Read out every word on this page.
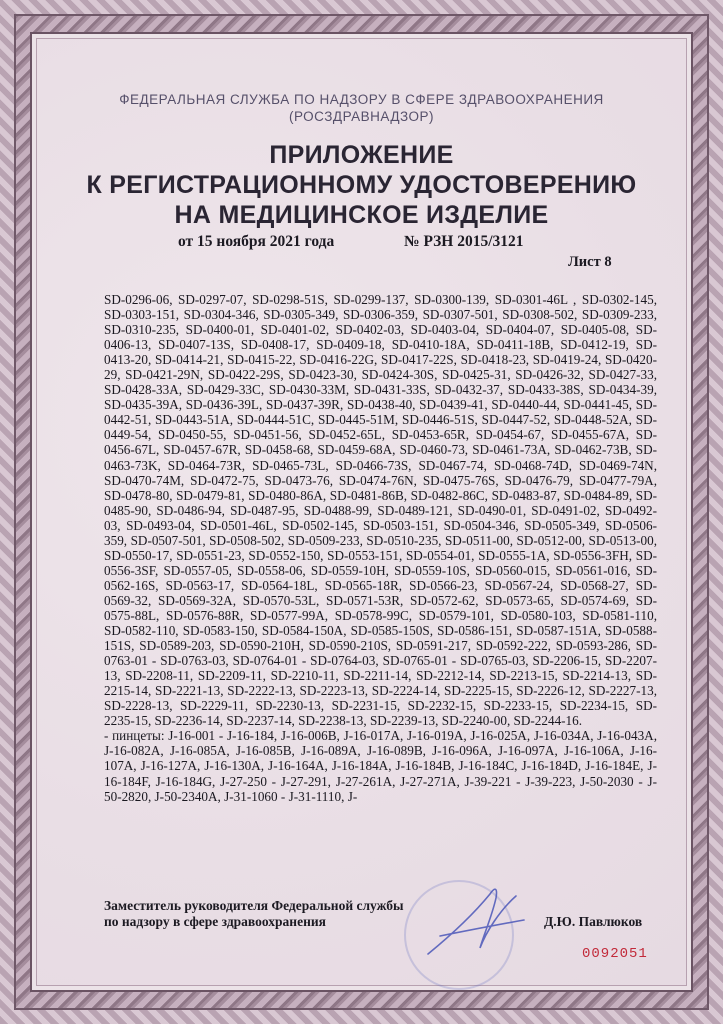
ФЕДЕРАЛЬНАЯ СЛУЖБА ПО НАДЗОРУ В СФЕРЕ ЗДРАВООХРАНЕНИЯ
(РОСЗДРАВНАДЗОР)
ПРИЛОЖЕНИЕ
К РЕГИСТРАЦИОННОМУ УДОСТОВЕРЕНИЮ
НА МЕДИЦИНСКОЕ ИЗДЕЛИЕ
от 15 ноября 2021 года	№ РЗН 2015/3121
Лист 8
SD-0296-06, SD-0297-07, SD-0298-51S, SD-0299-137, SD-0300-139, SD-0301-46L , SD-0302-145, SD-0303-151, SD-0304-346, SD-0305-349, SD-0306-359, SD-0307-501, SD-0308-502, SD-0309-233, SD-0310-235, SD-0400-01, SD-0401-02, SD-0402-03, SD-0403-04, SD-0404-07, SD-0405-08, SD-0406-13, SD-0407-13S, SD-0408-17, SD-0409-18, SD-0410-18A, SD-0411-18B, SD-0412-19, SD-0413-20, SD-0414-21, SD-0415-22, SD-0416-22G, SD-0417-22S, SD-0418-23, SD-0419-24, SD-0420-29, SD-0421-29N, SD-0422-29S, SD-0423-30, SD-0424-30S, SD-0425-31, SD-0426-32, SD-0427-33, SD-0428-33A, SD-0429-33C, SD-0430-33M, SD-0431-33S, SD-0432-37, SD-0433-38S, SD-0434-39, SD-0435-39A, SD-0436-39L, SD-0437-39R, SD-0438-40, SD-0439-41, SD-0440-44, SD-0441-45, SD-0442-51, SD-0443-51A, SD-0444-51C, SD-0445-51M, SD-0446-51S, SD-0447-52, SD-0448-52A, SD-0449-54, SD-0450-55, SD-0451-56, SD-0452-65L, SD-0453-65R, SD-0454-67, SD-0455-67A, SD-0456-67L, SD-0457-67R, SD-0458-68, SD-0459-68A, SD-0460-73, SD-0461-73A, SD-0462-73B, SD-0463-73K, SD-0464-73R, SD-0465-73L, SD-0466-73S, SD-0467-74, SD-0468-74D, SD-0469-74N, SD-0470-74M, SD-0472-75, SD-0473-76, SD-0474-76N, SD-0475-76S, SD-0476-79, SD-0477-79A, SD-0478-80, SD-0479-81, SD-0480-86A, SD-0481-86B, SD-0482-86C, SD-0483-87, SD-0484-89, SD-0485-90, SD-0486-94, SD-0487-95, SD-0488-99, SD-0489-121, SD-0490-01, SD-0491-02, SD-0492-03, SD-0493-04, SD-0501-46L, SD-0502-145, SD-0503-151, SD-0504-346, SD-0505-349, SD-0506-359, SD-0507-501, SD-0508-502, SD-0509-233, SD-0510-235, SD-0511-00, SD-0512-00, SD-0513-00, SD-0550-17, SD-0551-23, SD-0552-150, SD-0553-151, SD-0554-01, SD-0555-1A, SD-0556-3FH, SD-0556-3SF, SD-0557-05, SD-0558-06, SD-0559-10H, SD-0559-10S, SD-0560-015, SD-0561-016, SD-0562-16S, SD-0563-17, SD-0564-18L, SD-0565-18R, SD-0566-23, SD-0567-24, SD-0568-27, SD-0569-32, SD-0569-32A, SD-0570-53L, SD-0571-53R, SD-0572-62, SD-0573-65, SD-0574-69, SD-0575-88L, SD-0576-88R, SD-0577-99A, SD-0578-99C, SD-0579-101, SD-0580-103, SD-0581-110, SD-0582-110, SD-0583-150, SD-0584-150A, SD-0585-150S, SD-0586-151, SD-0587-151A, SD-0588-151S, SD-0589-203, SD-0590-210H, SD-0590-210S, SD-0591-217, SD-0592-222, SD-0593-286, SD-0763-01 - SD-0763-03, SD-0764-01 - SD-0764-03, SD-0765-01 - SD-0765-03, SD-2206-15, SD-2207-13, SD-2208-11, SD-2209-11, SD-2210-11, SD-2211-14, SD-2212-14, SD-2213-15, SD-2214-13, SD-2215-14, SD-2221-13, SD-2222-13, SD-2223-13, SD-2224-14, SD-2225-15, SD-2226-12, SD-2227-13, SD-2228-13, SD-2229-11, SD-2230-13, SD-2231-15, SD-2232-15, SD-2233-15, SD-2234-15, SD-2235-15, SD-2236-14, SD-2237-14, SD-2238-13, SD-2239-13, SD-2240-00, SD-2244-16.
- пинцеты: J-16-001 - J-16-184, J-16-006B, J-16-017A, J-16-019A, J-16-025A, J-16-034A, J-16-043A, J-16-082A, J-16-085A, J-16-085B, J-16-089A, J-16-089B, J-16-096A, J-16-097A, J-16-106A, J-16-107A, J-16-127A, J-16-130A, J-16-164A, J-16-184A, J-16-184B, J-16-184C, J-16-184D, J-16-184E, J-16-184F, J-16-184G, J-27-250 - J-27-291, J-27-261A, J-27-271A, J-39-221 - J-39-223, J-50-2030 - J-50-2820, J-50-2340A, J-31-1060 - J-31-1110, J-
Заместитель руководителя Федеральной службы
по надзору в сфере здравоохранения	Д.Ю. Павлюков
0092051
